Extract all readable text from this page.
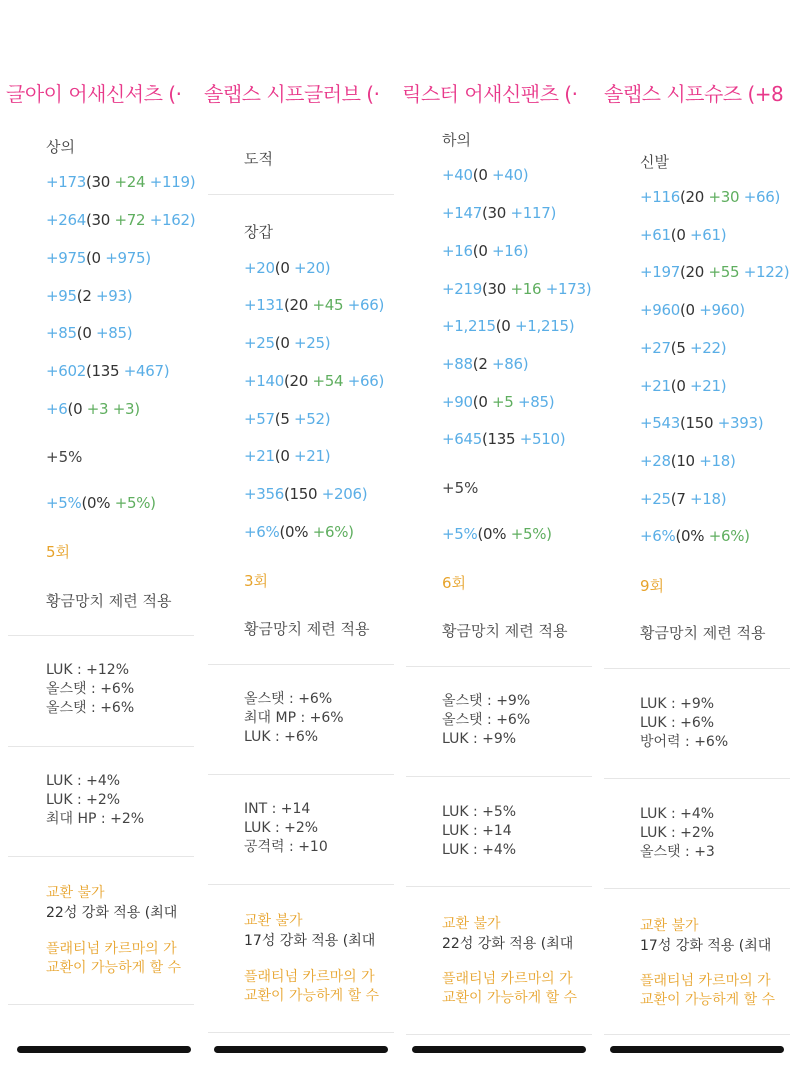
글아이 어새신셔츠 (·
상의
+173(30 +24 +119)
+264(30 +72 +162)
+975(0 +975)
+95(2 +93)
+85(0 +85)
+602(135 +467)
+6(0 +3 +3)
+5%
+5%(0% +5%)
5회
황금망치 제련 적용
LUK : +12%
올스탯 : +6%
올스탯 : +6%
LUK : +4%
LUK : +2%
최대 HP : +2%
교환 불가
22성 강화 적용 (최대
플래티넘 카르마의 가
교환이 가능하게 할 수
솔랩스 시프글러브 (·
도적
장갑
+20(0 +20)
+131(20 +45 +66)
+25(0 +25)
+140(20 +54 +66)
+57(5 +52)
+21(0 +21)
+356(150 +206)
+6%(0% +6%)
3회
황금망치 제련 적용
올스탯 : +6%
최대 MP : +6%
LUK : +6%
INT : +14
LUK : +2%
공격력 : +10
교환 불가
17성 강화 적용 (최대
플래티넘 카르마의 가
교환이 가능하게 할 수
릭스터 어새신팬츠 (·
하의
+40(0 +40)
+147(30 +117)
+16(0 +16)
+219(30 +16 +173)
+1,215(0 +1,215)
+88(2 +86)
+90(0 +5 +85)
+645(135 +510)
+5%
+5%(0% +5%)
6회
황금망치 제련 적용
올스탯 : +9%
올스탯 : +6%
LUK : +9%
LUK : +5%
LUK : +14
LUK : +4%
교환 불가
22성 강화 적용 (최대
플래티넘 카르마의 가
교환이 가능하게 할 수
솔랩스 시프슈즈 (+8
신발
+116(20 +30 +66)
+61(0 +61)
+197(20 +55 +122)
+960(0 +960)
+27(5 +22)
+21(0 +21)
+543(150 +393)
+28(10 +18)
+25(7 +18)
+6%(0% +6%)
9회
황금망치 제련 적용
LUK : +9%
LUK : +6%
방어력 : +6%
LUK : +4%
LUK : +2%
올스탯 : +3
교환 불가
17성 강화 적용 (최대
플래티넘 카르마의 가
교환이 가능하게 할 수
